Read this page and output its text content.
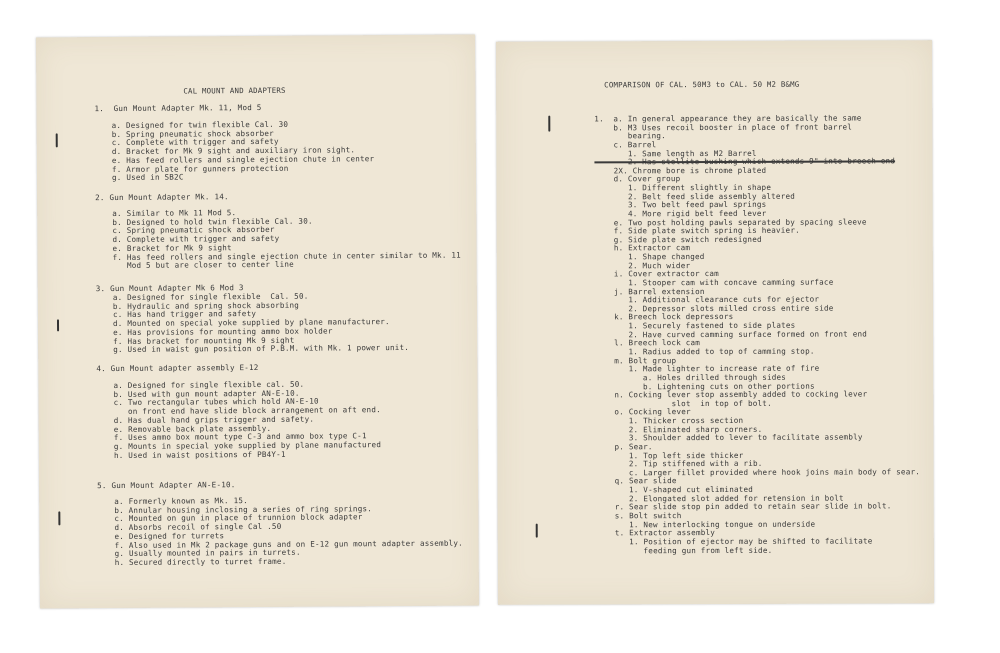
CAL MOUNT AND ADAPTERS
1.  Gun Mount Adapter Mk. 11, Mod 5
a. Designed for twin flexible Cal. 30
b. Spring pneumatic shock absorber
c. Complete with trigger and safety
d. Bracket for Mk 9 sight and auxiliary iron sight.
e. Has feed rollers and single ejection chute in center
f. Armor plate for gunners protection
g. Used in SB2C
2. Gun Mount Adapter Mk. 14.
a. Similar to Mk 11 Mod 5.
b. Designed to hold twin flexible Cal. 30.
c. Spring pneumatic shock absorber
d. Complete with trigger and safety
e. Bracket for Mk 9 sight
f. Has feed rollers and single ejection chute in center similar to Mk. 11
Mod 5 but are closer to center line
3. Gun Mount Adapter Mk 6 Mod 3
a. Designed for single flexible  Cal. 50.
b. Hydraulic and spring shock absorbing
c. Has hand trigger and safety
d. Mounted on special yoke supplied by plane manufacturer.
e. Has provisions for mounting ammo box holder
f. Has bracket for mounting Mk 9 sight
g. Used in waist gun position of P.B.M. with Mk. 1 power unit.
4. Gun Mount adapter assembly E-12
a. Designed for single flexible cal. 50.
b. Used with gun mount adapter AN-E-10.
c. Two rectangular tubes which hold AN-E-10
on front end have slide block arrangement on aft end.
d. Has dual hand grips trigger and safety.
e. Removable back plate assembly.
f. Uses ammo box mount type C-3 and ammo box type C-1
g. Mounts in special yoke supplied by plane manufactured
h. Used in waist positions of PB4Y-1
5. Gun Mount Adapter AN-E-10.
a. Formerly known as Mk. 15.
b. Annular housing inclosing a series of ring springs.
c. Mounted on gun in place of trunnion block adapter
d. Absorbs recoil of single Cal .50
e. Designed for turrets
f. Also used in Mk 2 package guns and on E-12 gun mount adapter assembly.
g. Usually mounted in pairs in turrets.
h. Secured directly to turret frame.
COMPARISON OF CAL. 50M3 to CAL. 50 M2 B&MG
1.  a. In general appearance they are basically the same
b. M3 Uses recoil booster in place of front barrel
bearing.
c. Barrel
1. Same length as M2 Barrel
2. Has stellite bushing which extends 9" into breech end
2X. Chrome bore is chrome plated
d. Cover group
1. Different slightly in shape
2. Belt feed slide assembly altered
3. Two belt feed pawl springs
4. More rigid belt feed lever
e. Two post holding pawls separated by spacing sleeve
f. Side plate switch spring is heavier.
g. Side plate switch redesigned
h. Extractor cam
1. Shape changed
2. Much wider
i. Cover extractor cam
1. Stooper cam with concave camming surface
j. Barrel extension
1. Additional clearance cuts for ejector
2. Depressor slots milled cross entire side
k. Breech lock depressors
1. Securely fastened to side plates
2. Have curved camming surface formed on front end
l. Breech lock cam
1. Radius added to top of camming stop.
m. Bolt group
1. Made lighter to increase rate of fire
a. Holes drilled through sides
b. Lightening cuts on other portions
n. Cocking lever stop assembly added to cocking lever
slot  in top of bolt.
o. Cocking lever
1. Thicker cross section
2. Eliminated sharp corners.
3. Shoulder added to lever to facilitate assembly
p. Sear.
1. Top left side thicker
2. Tip stiffened with a rib.
c. Larger fillet provided where hook joins main body of sear.
q. Sear slide
1. V-shaped cut eliminated
2. Elongated slot added for retension in bolt
r. Sear slide stop pin added to retain sear slide in bolt.
s. Bolt switch
1. New interlocking tongue on underside
t. Extractor assembly
1. Position of ejector may be shifted to facilitate
feeding gun from left side.
